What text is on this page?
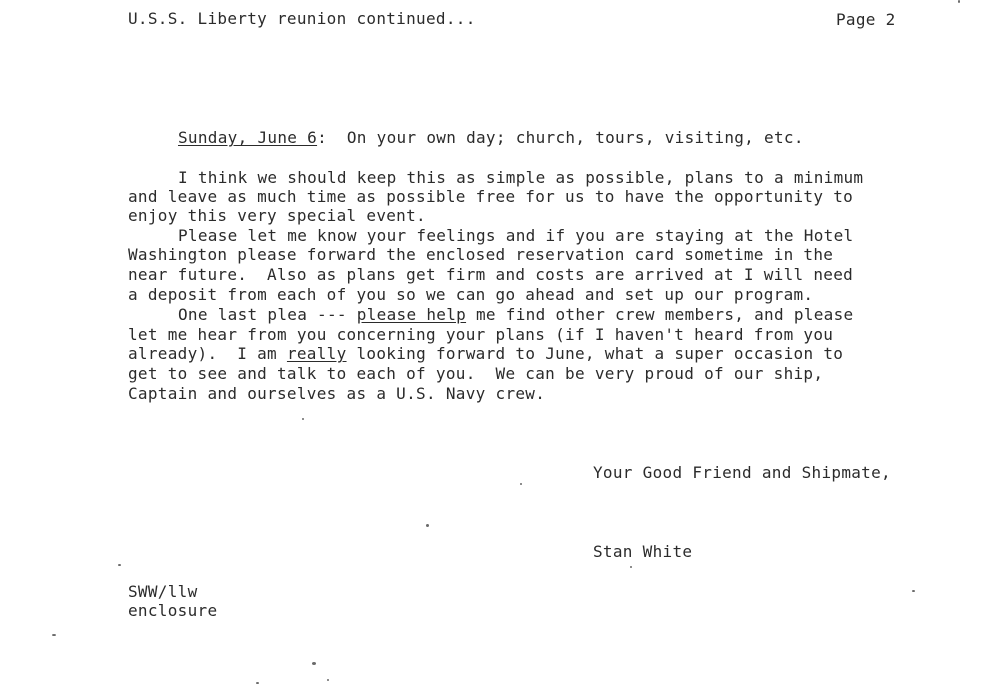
U.S.S. Liberty reunion continued...	Page 2
Sunday, June 6: On your own day; church, tours, visiting, etc.
I think we should keep this as simple as possible, plans to a minimum
and leave as much time as possible free for us to have the opportunity to
enjoy this very special event.
Please let me know your feelings and if you are staying at the Hotel
Washington please forward the enclosed reservation card sometime in the
near future.  Also as plans get firm and costs are arrived at I will need
a deposit from each of you so we can go ahead and set up our program.
One last plea --- please help me find other crew members, and please
let me hear from you concerning your plans (if I haven't heard from you
already).  I am really looking forward to June, what a super occasion to
get to see and talk to each of you.  We can be very proud of our ship,
Captain and ourselves as a U.S. Navy crew.
Your Good Friend and Shipmate,
Stan White
SWW/llw
enclosure
